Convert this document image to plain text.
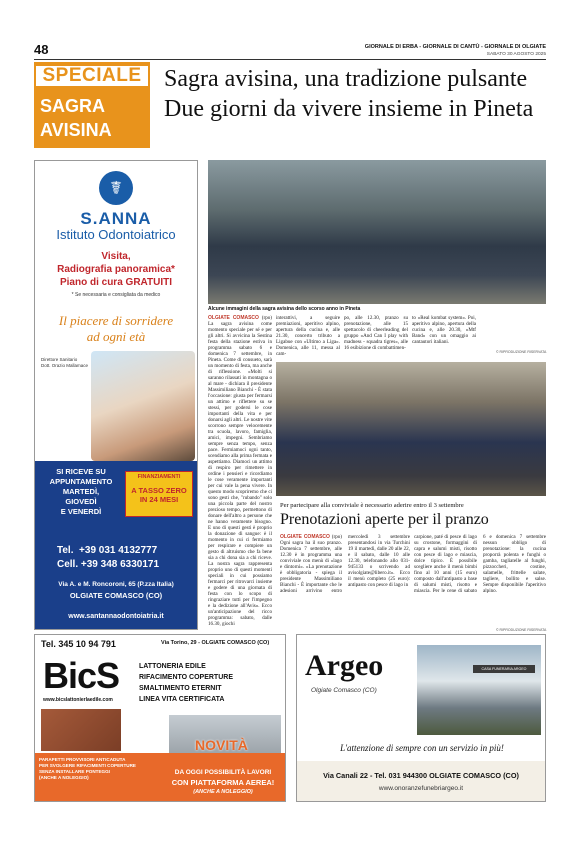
48	GIORNALE DI ERBA - GIORNALE DI CANTÙ - GIORNALE DI OLGIATE
SABATO 30 AGOSTO 2025
SPECIALE
SAGRA
AVISINA
Sagra avisina, una tradizione pulsante
Due giorni da vivere insieme in Pineta
☤
S.ANNA
Istituto Odontoiatrico
Visita,
Radiografia panoramica*
Piano di cura GRATUITI
* Se necessaria e consigliata da medico
Il piacere di sorridere
ad ogni età
Direttore Sanitario
Dott. Orazio Mallamace
SI RICEVE SU
APPUNTAMENTO
MARTEDÌ,
GIOVEDÌ
E VENERDÌ
FINANZIAMENTI
A TASSO ZERO
IN 24 MESI
Tel.  +39 031 4132777
Cell. +39 348 6330171
Via A. e M. Roncoroni, 65 (P.zza Italia)
OLGIATE COMASCO (CO)
www.santannaodontoiatria.it
Alcune immagini della sagra avisina dello scorso anno in Pineta
OLGIATE COMASCO (rpo) La sagra avisina come momento speciale per sé e per gli altri. Si avvicina la Sestina festa della stazione estiva in programma sabato 6 e domenica 7 settembre, in Pineta. Come di consueto, sarà un momento di festa, ma anche di riflessione. «Molti si saranno rilassati in montagna o al mare - dichiara il presidente Massimiliano Bianchi - È stata l'occasione: giusta per fermarsi un attimo e riflettere su se stessi, per godersi le cose importanti della vita e per donarsi agli altri. Le nostre vite scorrono sempre velocemente tra scuola, lavoro, famiglia, amici, impegni. Sembriamo sempre senza tempo, senza pace. Fermiamoci ogni tanto, scendiamo alla prima fermata e aspettiamo. Diamoci un attimo di respiro per rimettere in ordine i pensieri e ricordiamo le cose veramente importanti per cui vale la pena vivere. In questo modo scopriremo che ci sono gesti che, "rubando" solo una piccola parte del nostro prezioso tempo, permettono di donare dell'altro a persone che ne hanno veramente bisogno. E uno di questi gesti è proprio la donazione di sangue: è il momento in cui ci fermiamo per respirare e compiere un gesto di altruismo che fa bene sia a chi dona sia a chi riceve. La nostra sagra rappresenta proprio uno di questi momenti speciali in cui possiamo fermarci per ritrovarci insieme e godere di una giornata di festa con lo scopo di ringraziare tutti per l'impegno e la dedizione all'Avis». Ecco un'anticipazione del ricco programma: sabato, dalle 16.30, giochi
interattivi, a seguire premiazioni, aperitivo alpino, apertura della cucina e, alle 21.30, concerto tributo a Ligabue con «Ultimo a Liga». Domenica, alle 11, messa al cam-
po, alle 12.30, pranzo su prenotazione, alle 15 spettacolo di cheerleading del gruppo «And Can I play with madness - squadra tigres», alle 16 esibizione di combattimen-
to «Real kombat system». Poi, aperitivo alpino, apertura della cucina e, alle 20.30, «Mtf Band» con un omaggio ai cantautori italiani.
© RIPRODUZIONE RISERVATA
Per partecipare alla conviviale è necessario aderire entro il 3 settembre
Prenotazioni aperte per il pranzo
OLGIATE COMASCO (rpo) Ogni sagra ha il suo pranzo. Domenica 7 settembre, alle 12.30 è in programma una conviviale con menù di «lago e dintorni». «La prenotazione è obbligatoria - spiega il presidente Massimiliano Bianchi - È importante che le adesioni arrivino entro mercoledì 3 settembre presentandosi in via Turchini 19 il martedì, dalle 20 alle 22, e il sabato, dalle 10 alle 12.30, telefonando allo 031-945133 o scrivendo ad avisolgiate@libero.it». Ecco il menù completo (25 euro): antipasto con pesce di lago in
carpione, paté di pesce di lago su crostone, formaggini di capra e salumi misti, risotto con pesce di lago e miascia, dolce tipico. È possibile scegliere anche il menù bimbi fino al 10 anni (15 euro) composto dall'antipasto a base di salumi misti, risotto e miascia. Per le cene di sabato 6 e domenica 7 settembre nessun obbligo di prenotazione: la cucina proporrà polenta e funghi o gamba, tagliatelle al funghi, pizzoccheri, costine, salamelle, frittelle salate, tagliere, bollito e salse. Sempre disponibile l'aperitivo alpino.
© RIPRODUZIONE RISERVATA
Tel. 345 10 94 791	Via Torino, 29 - OLGIATE COMASCO (CO)
BicS
www.bicslattonierlaedile.com
LATTONERIA EDILE
RIFACIMENTO COPERTURE
SMALTIMENTO ETERNIT
LINEA VITA CERTIFICATA
PARAPETTI PROVVISORI ANTICADUTA
PER SVOLGERE RIFACIMENTI COPERTURE
SENZA INSTALLARE PONTEGGI
(ANCHE A NOLEGGIO)
NOVITÀ
DA OGGI POSSIBILITÀ LAVORI
CON PIATTAFORMA AEREA!
(ANCHE A NOLEGGIO)
Argeo
Olgiate Comasco (CO)
CASA FUNERARIA ARGEO
L'attenzione di sempre con un servizio in più!
Via Canali 22 - Tel. 031 944300 OLGIATE COMASCO (CO)
www.onoranzefunebriargeo.it
